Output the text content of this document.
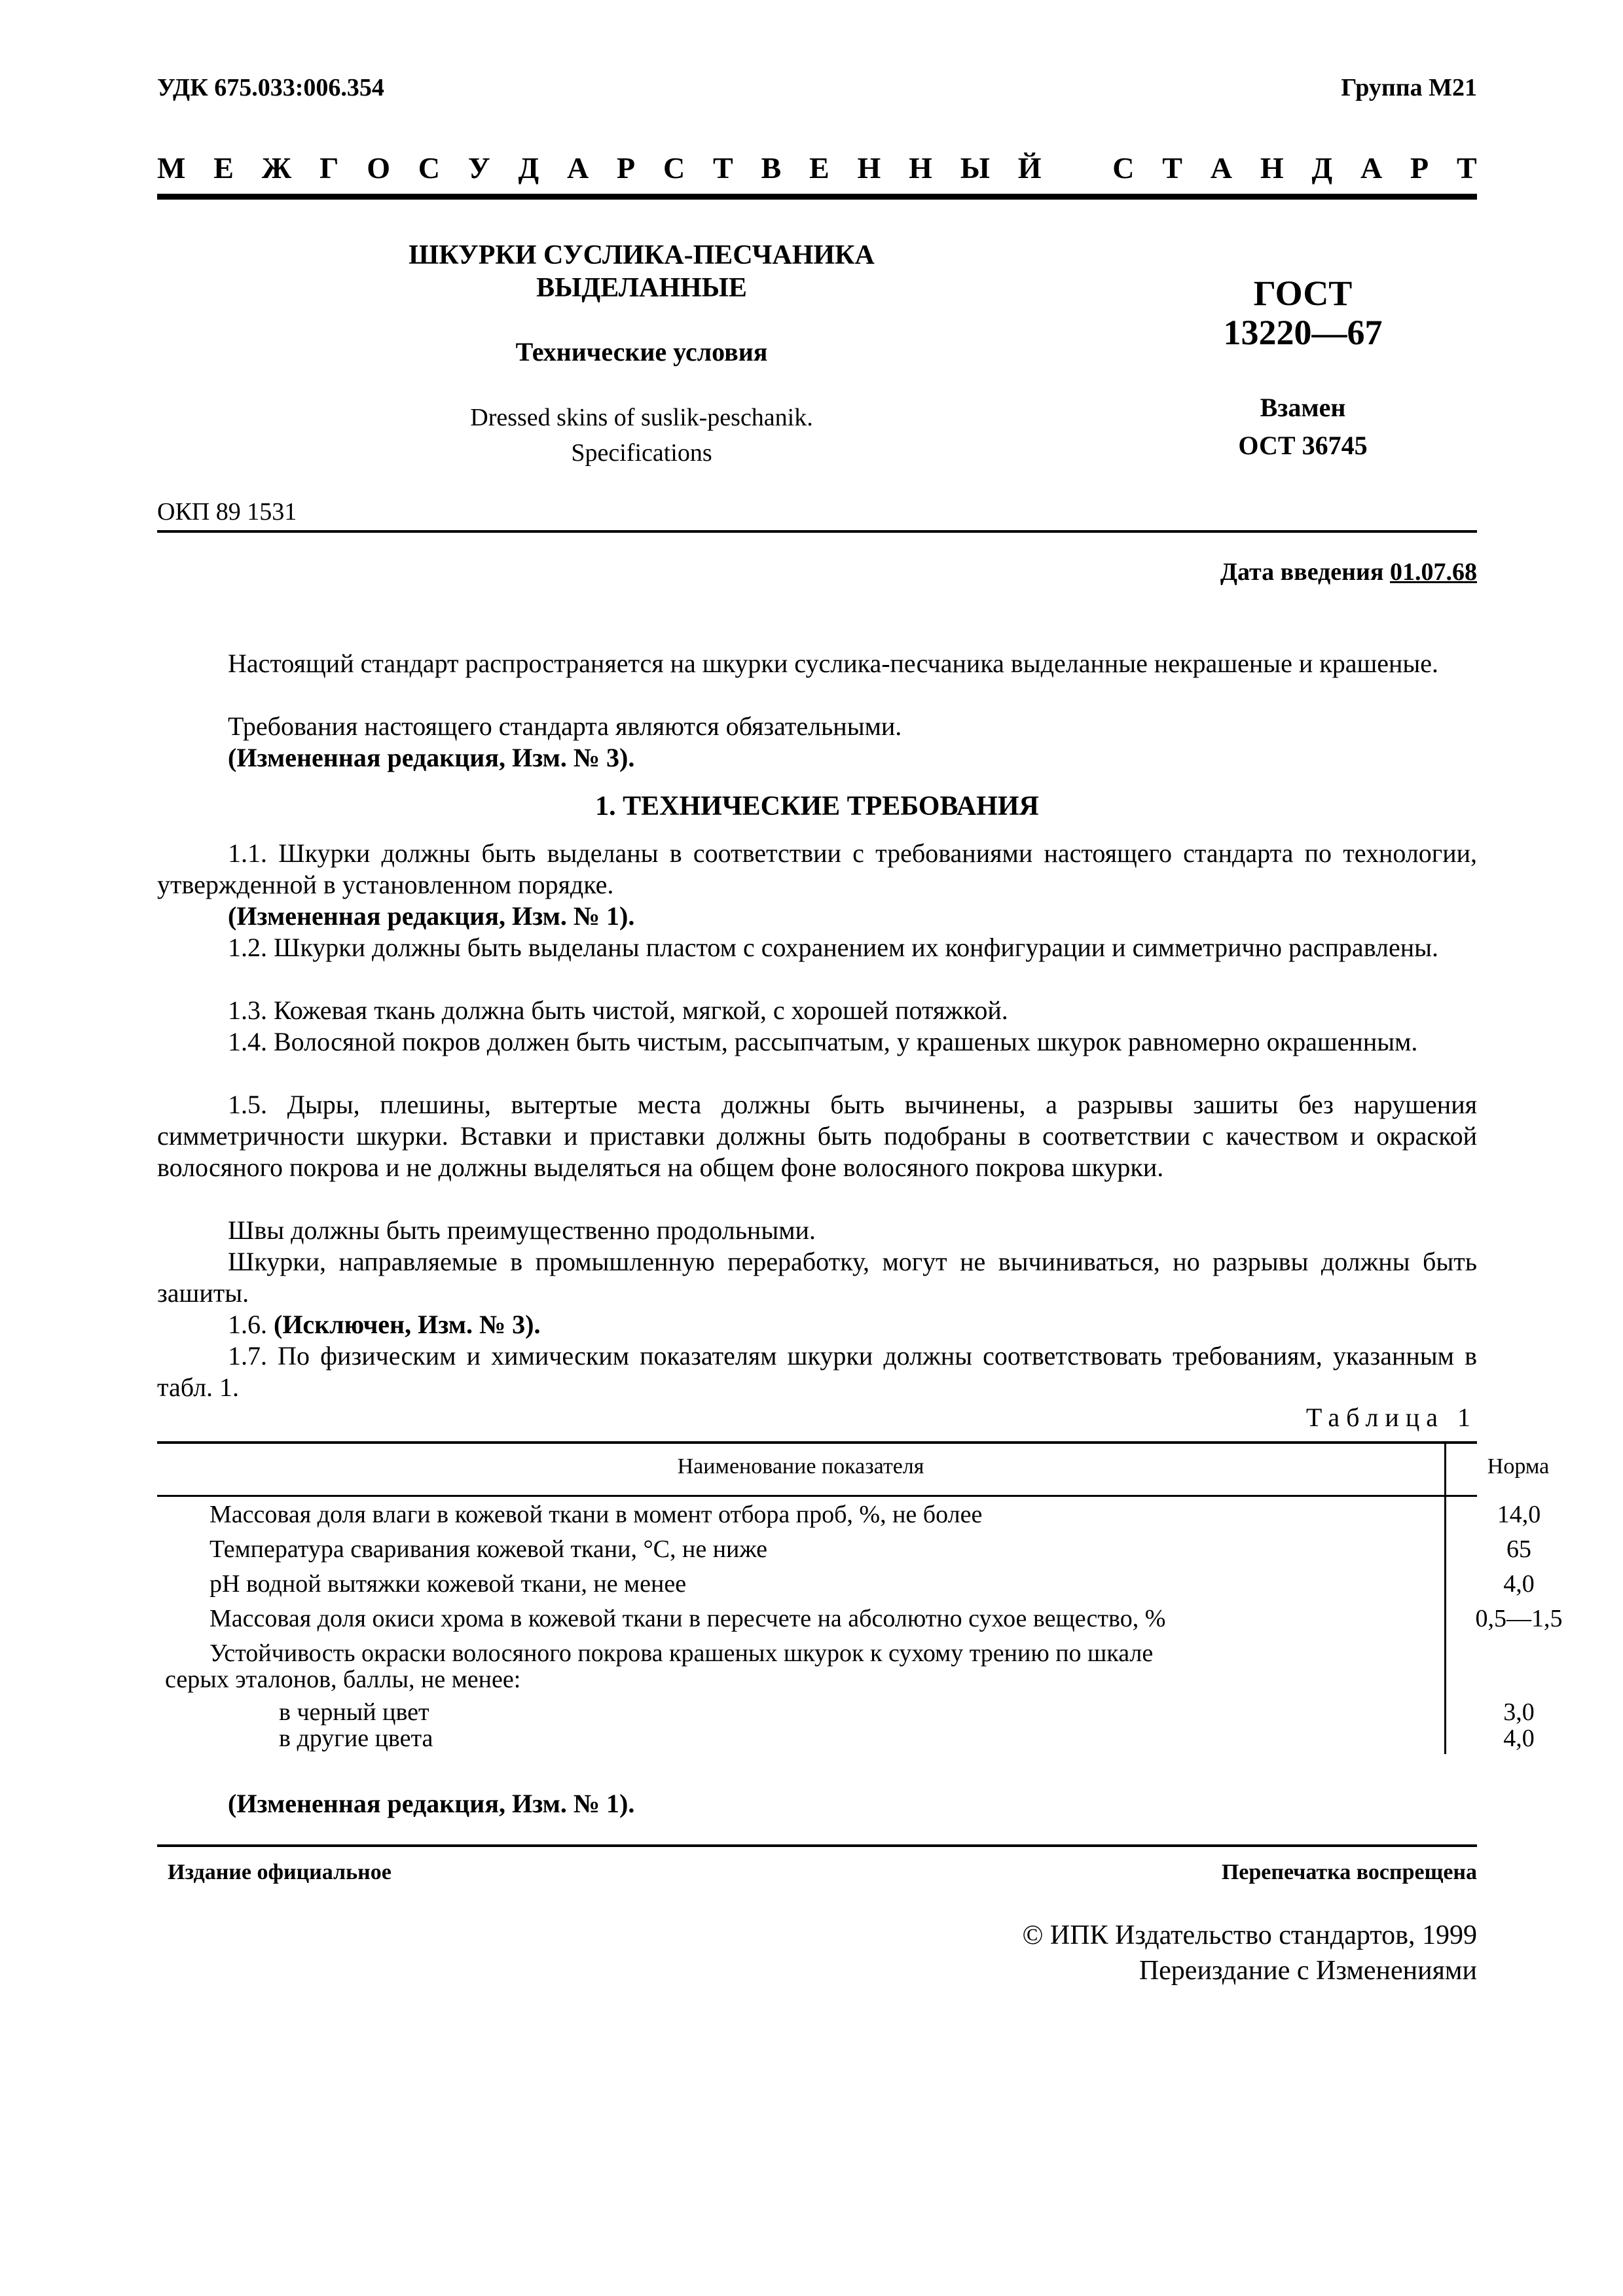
УДК 675.033:006.354	Группа М21
М Е Ж Г О С У Д А Р С Т В Е Н Н Ы Й
С Т А Н Д А Р Т
ШКУРКИ СУСЛИКА-ПЕСЧАНИКА
ВЫДЕЛАННЫЕ
Технические условия
Dressed skins of suslik-peschanik.
Specifications
ГОСТ
13220—67
Взамен
ОСТ 36745
ОКП 89 1531
Дата введения 01.07.68
Настоящий стандарт распространяется на шкурки суслика-песчаника выделанные некрашеные и крашеные.
Требования настоящего стандарта являются обязательными.
(Измененная редакция, Изм. № 3).
1. ТЕХНИЧЕСКИЕ ТРЕБОВАНИЯ
1.1. Шкурки должны быть выделаны в соответствии с требованиями настоящего стандарта по технологии, утвержденной в установленном порядке.
(Измененная редакция, Изм. № 1).
1.2. Шкурки должны быть выделаны пластом с сохранением их конфигурации и симметрично расправлены.
1.3. Кожевая ткань должна быть чистой, мягкой, с хорошей потяжкой.
1.4. Волосяной покров должен быть чистым, рассыпчатым, у крашеных шкурок равномерно окрашенным.
1.5. Дыры, плешины, вытертые места должны быть вычинены, а разрывы зашиты без нарушения симметричности шкурки. Вставки и приставки должны быть подобраны в соответствии с качеством и окраской волосяного покрова и не должны выделяться на общем фоне волосяного покрова шкурки.
Швы должны быть преимущественно продольными.
Шкурки, направляемые в промышленную переработку, могут не вычиниваться, но разрывы должны быть зашиты.
1.6. (Исключен, Изм. № 3).
1.7. По физическим и химическим показателям шкурки должны соответствовать требованиям, указанным в табл. 1.
Таблица 1
Наименование показателя	Норма
Массовая доля влаги в кожевой ткани в момент отбора проб, %, не более	14,0
Температура сваривания кожевой ткани, °С, не ниже	65
рН водной вытяжки кожевой ткани, не менее	4,0
Массовая доля окиси хрома в кожевой ткани в пересчете на абсолютно сухое вещество, %	0,5—1,5
Устойчивость окраски волосяного покрова крашеных шкурок к сухому трению по шкале
серых эталонов, баллы, не менее:
в черный цвет	3,0
в другие цвета	4,0
(Измененная редакция, Изм. № 1).
Издание официальное	Перепечатка воспрещена
© ИПК Издательство стандартов, 1999
Переиздание с Изменениями
